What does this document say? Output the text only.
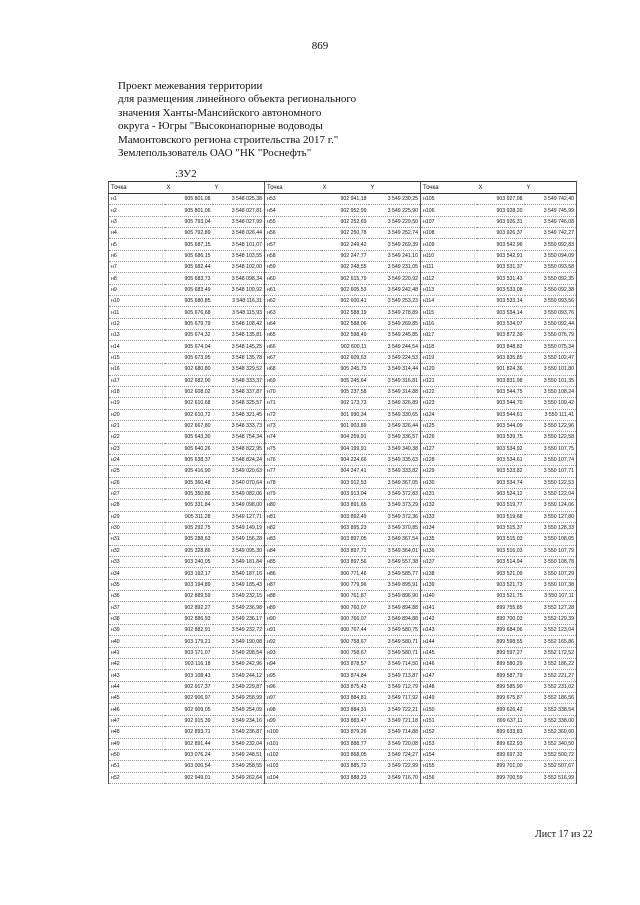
869
Проект межевания территории
для размещения линейного объекта регионального
значения Ханты-Мансийского автономного
округа - Югры "Высоконапорные водоводы
Мамонтовского региона строительства 2017 г."
Землепользователь ОАО "НК "Роснефть"
:ЗУ2
Точка	X	Y	Точка	X	Y	Точка	X	Y
н1	905 801,08	3 548 025,38	н53	902 941,18	3 549 230,25	н105	903 927,08	3 549 742,40
н2	905 801,06	3 548 027,81	н54	902 952,99	3 549 225,90	н106	903 928,20	3 549 745,99
н3	905 793,04	3 548 027,99	н55	902 252,69	3 549 229,50	н107	903 926,31	3 549 746,08
н4	905 792,89	3 548 026,44	н56	902 250,78	3 549 252,74	н108	903 926,37	3 549 742,27
н5	905 687,15	3 548 101,07	н57	902 249,42	3 549 269,39	н109	903 542,96	3 550 092,83
н6	905 686,15	3 548 103,55	н58	902 247,77	3 549 241,10	н110	903 542,91	3 550 094,09
н7	905 682,44	3 548 102,00	н59	902 248,55	3 549 231,05	н111	903 531,37	3 550 093,58
н8	905 683,73	3 548 098,34	н60	902 615,79	3 549 220,92	н112	903 531,43	3 550 092,35
н9	905 683,49	3 548 109,92	н61	902 605,53	3 549 242,48	н113	903 533,08	3 550 092,38
н10	905 680,85	3 548 116,31	н62	902 600,41	3 549 253,23	н114	903 533,14	3 550 093,56
н11	905 676,68	3 548 115,93	н63	902 588,19	3 549 278,89	н115	903 534,14	3 550 093,76
н12	905 679,79	3 548 108,42	н64	902 588,06	3 549 269,85	н116	903 534,07	3 550 092,44
н13	905 674,32	3 548 135,81	н65	902 598,49	3 549 245,85	н117	903 872,39	3 550 076,79
н14	905 674,04	3 548 145,25	н66	902 600,11	3 549 244,54	н118	903 848,82	3 550 075,34
н15	905 673,95	3 548 135,78	н67	902 609,63	3 549 224,53	н119	903 835,85	3 550 102,47
н16	902 680,80	3 548 329,52	н68	905 245,73	3 549 314,44	н120	901 824,36	3 550 101,80
н17	902 682,00	3 548 333,37	н69	905 245,64	3 549 316,81	н121	903 831,98	3 550 101,35
н18	902 608,02	3 548 337,87	н70	905 237,58	3 549 314,88	н122	903 544,75	3 550 108,24
н19	902 610,68	3 548 325,57	н71	902 173,73	3 549 326,89	н123	903 544,70	3 550 109,42
н20	902 610,72	3 548 321,45	н72	901 990,34	3 549 330,65	н124	903 544,61	3 550 111,41
н21	902 667,80	3 548 333,73	н73	901 903,89	3 549 326,44	н125	903 544,09	3 550 122,96
н22	905 643,30	3 548 754,34	н74	904 259,91	3 549 336,57	н126	903 539,75	3 550 122,58
н23	905 640,26	3 548 822,95	н75	904 199,91	3 549 340,38	н127	903 534,92	3 550 107,75
н24	905 638,37	3 548 824,24	н76	904 224,66	3 549 335,63	н128	903 534,61	3 550 107,74
н25	905 416,90	3 549 020,63	н77	904 247,41	3 549 333,82	н129	903 533,82	3 550 107,71
н26	905 360,48	3 540 070,64	н78	903 912,53	3 549 367,05	н130	903 534,74	3 550 122,53
н27	905 350,86	3 549 082,06	н79	903 913,04	3 549 372,83	н131	903 524,12	3 550 122,04
н28	905 331,84	3 549 098,00	н80	903 891,65	3 549 373,29	н132	903 519,77	3 550 124,06
н29	905 311,28	3 549 127,71	н81	903 892,49	3 549 372,36	н133	903 519,68	3 550 127,80
н30	905 292,75	3 549 149,19	н82	903 895,23	3 549 370,85	н134	903 515,37	3 550 128,33
н31	905 288,63	3 549 156,28	н83	903 897,05	3 549 367,54	н135	903 515,03	3 550 108,05
н32	905 328,86	3 549 095,30	н84	903 897,71	3 549 364,01	н136	903 516,03	3 550 107,79
н33	903 240,05	3 549 181,84	н85	903 897,56	3 549 557,38	н137	903 514,94	3 550 108,78
н34	903 192,17	3 549 187,16	н86	900 771,46	3 549 585,77	н138	903 521,09	3 550 107,29
н35	903 194,89	3 549 185,43	н87	900 779,96	3 549 895,91	н139	903 521,73	3 550 107,38
н36	902 889,59	3 549 232,15	н88	900 761,87	3 549 896,90	н140	903 521,75	3 550 107,11
н37	902 892,27	3 549 236,98	н89	900 760,07	3 549 894,88	н141	899 755,85	3 552 127,28
н38	902 886,93	3 549 236,17	н90	900 766,07	3 549 894,88	н142	899 700,03	3 552 129,39
н39	902 882,91	3 549 232,72	н91	900 767,44	3 549 580,75	н143	899 684,06	3 552 123,04
н40	903 179,21	3 549 190,08	н92	900 758,67	3 549 580,71	н144	899 598,55	3 552 165,86
н41	903 171,07	3 549 208,54	н93	900 758,67	3 549 580,71	н145	899 597,27	3 552 172,52
н42	903 116,18	3 549 242,96	н94	903 878,57	3 549 714,50	н146	899 580,29	3 552 186,22
н43	903 108,43	3 549 244,12	н95	903 874,84	3 549 713,87	н147	899 587,79	3 552 221,27
н44	902 917,37	3 549 229,87	н96	903 875,43	3 549 712,79	н148	899 585,90	3 552 231,02
н45	902 906,97	3 549 258,99	н97	903 884,81	3 549 717,92	н149	899 675,87	3 552 186,56
н46	902 909,05	3 549 254,09	н98	903 884,31	3 549 722,21	н150	899 626,42	3 552 338,54
н47	902 915,39	3 549 234,16	н99	903 883,47	3 549 721,18	н151	899 637,11	3 552 338,00
н48	902 893,71	3 549 236,87	н100	903 879,26	3 549 714,88	н152	899 633,83	3 552 360,60
н49	902 891,44	3 549 232,04	н101	903 888,77	3 549 720,08	н153	899 622,93	3 552 340,50
н50	903 076,24	3 549 248,51	н102	903 868,05	3 549 724,27	н154	899 697,32	3 552 500,72
н51	903 000,54	3 549 258,55	н103	903 885,72	3 549 722,99	н155	899 701,00	3 552 507,67
н52	902 949,01	3 549 262,64	н104	903 888,23	3 549 716,70	н156	899 700,59	3 552 516,99
Лист 17 из 22
